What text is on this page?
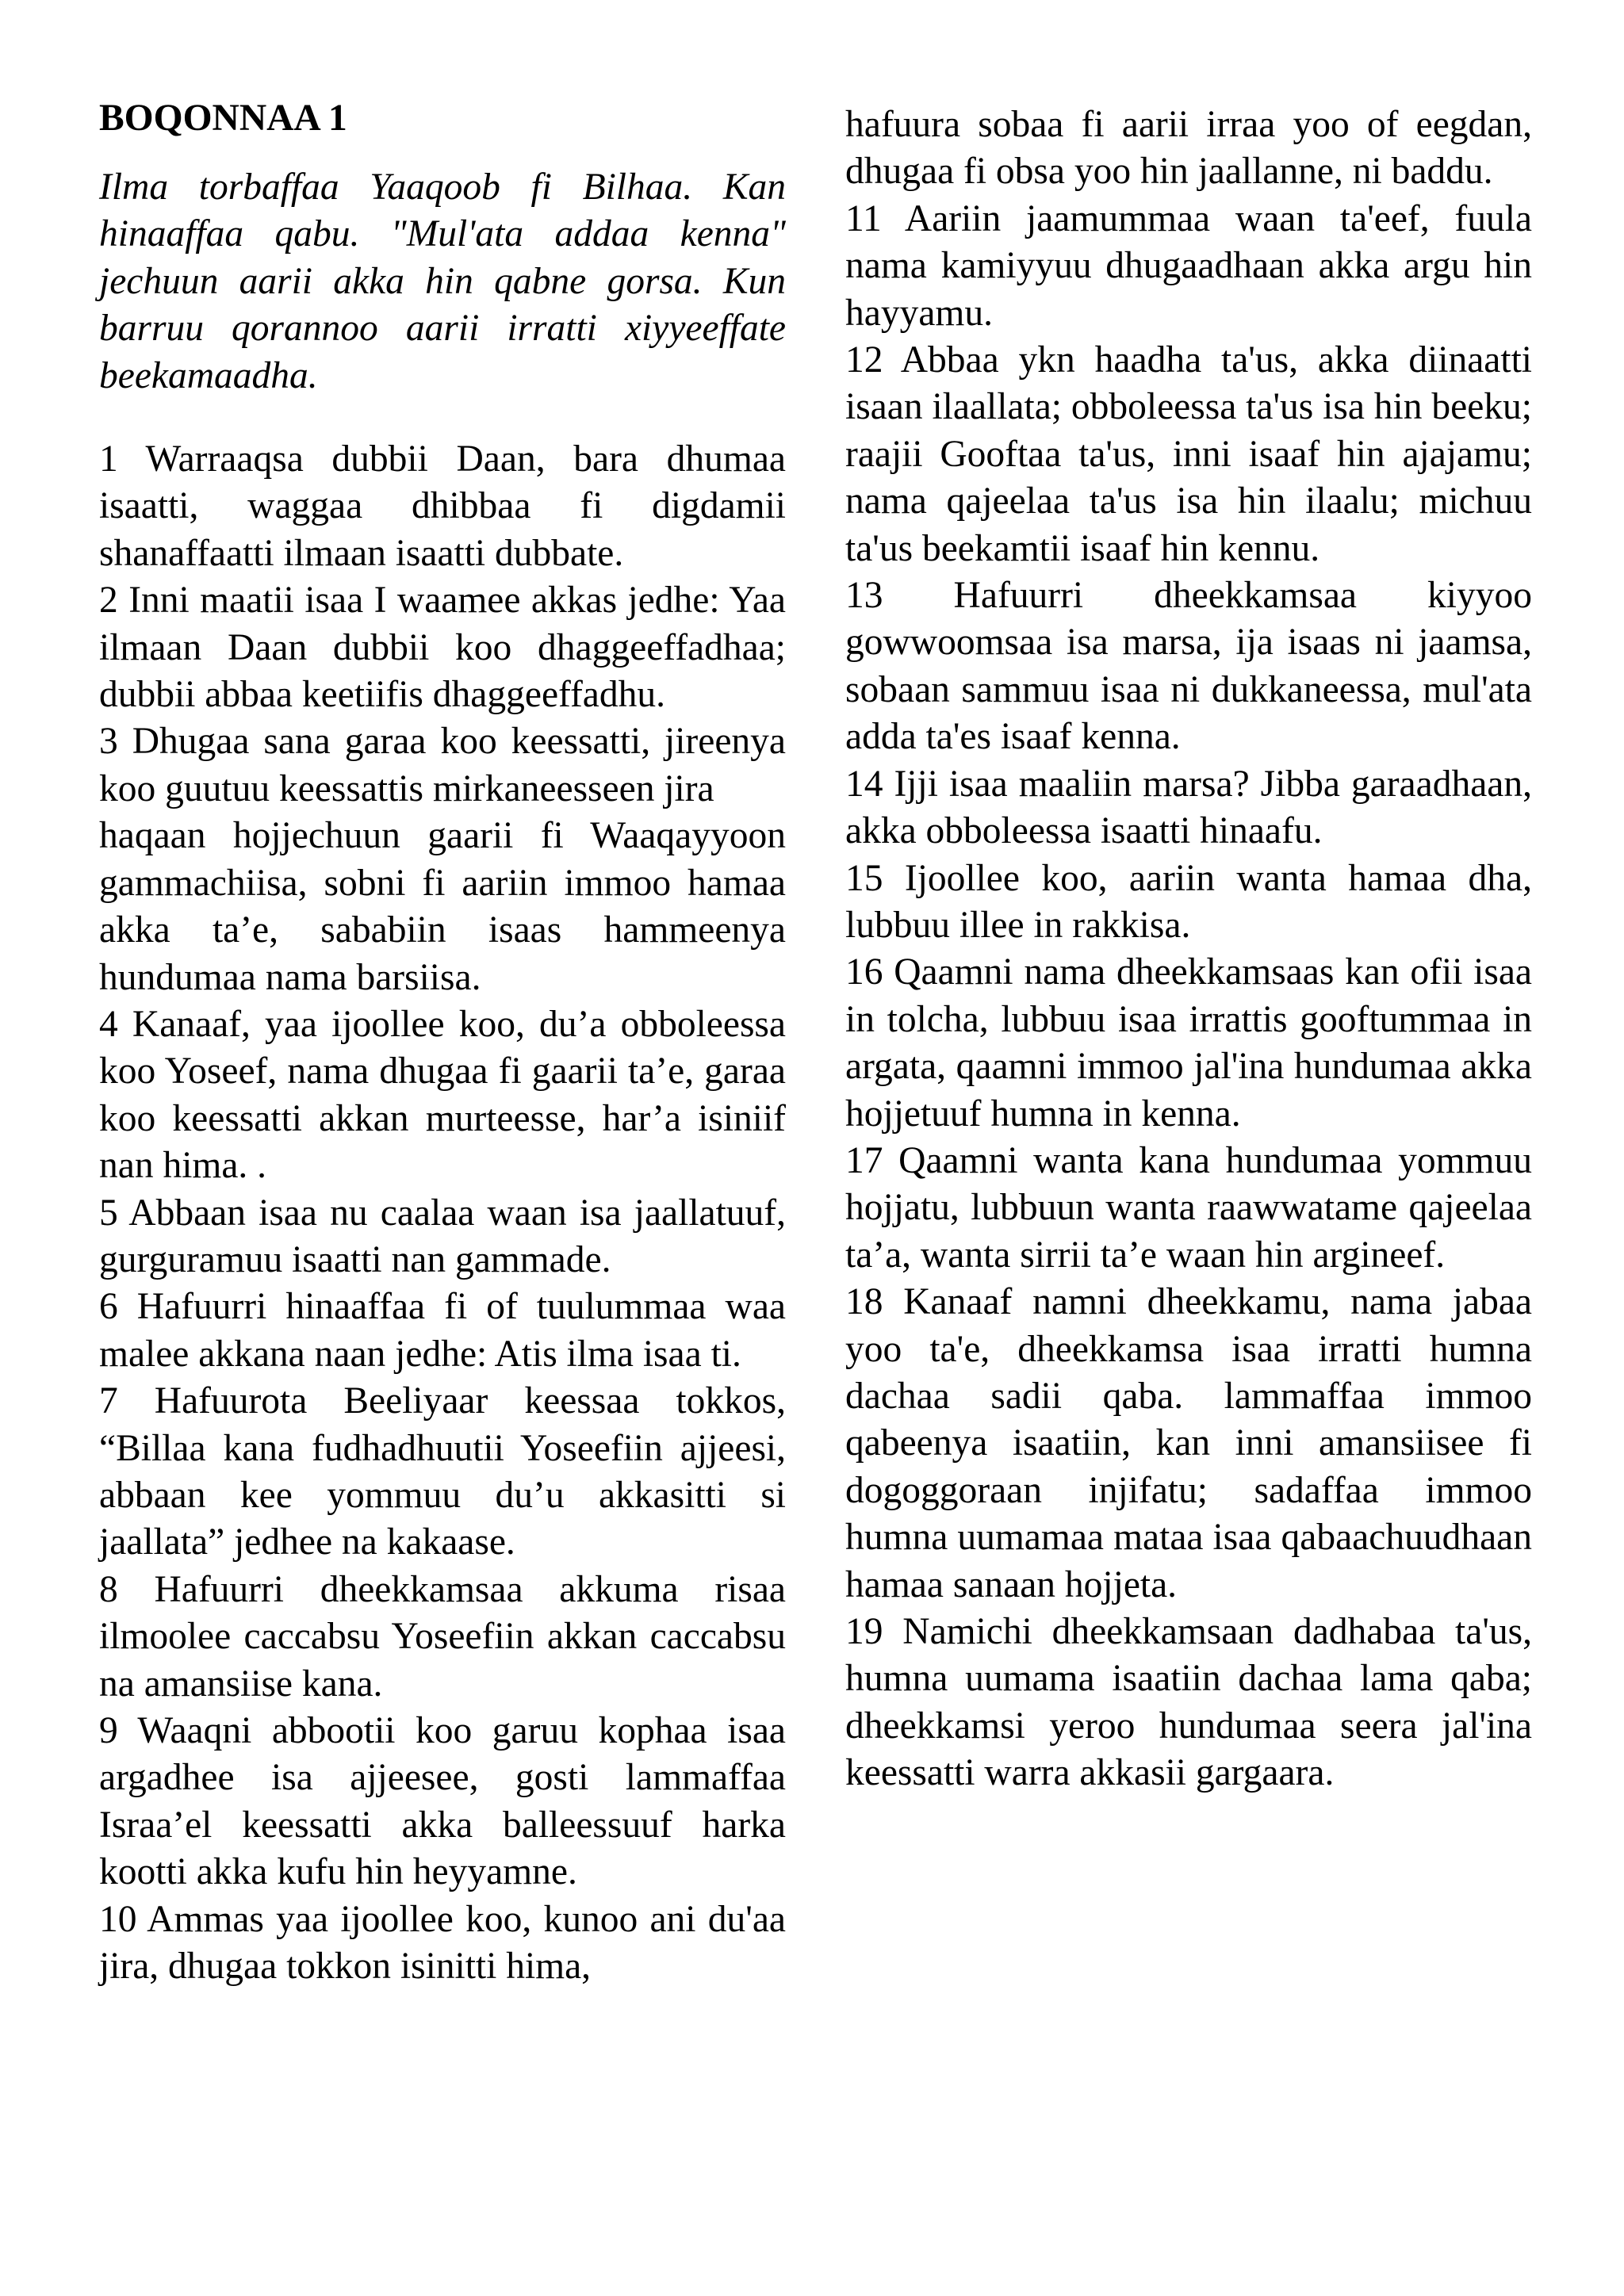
BOQONNAA 1
Ilma torbaffaa Yaaqoob fi Bilhaa. Kan hinaaffaa qabu. "Mul'ata addaa kenna" jechuun aarii akka hin qabne gorsa. Kun barruu qorannoo aarii irratti xiyyeeffate beekamaadha.
1 Warraaqsa dubbii Daan, bara dhumaa isaatti, waggaa dhibbaa fi digdamii shanaffaatti ilmaan isaatti dubbate.
2 Inni maatii isaa I waamee akkas jedhe: Yaa ilmaan Daan dubbii koo dhaggeeffadhaa; dubbii abbaa keetiifis dhaggeeffadhu.
3 Dhugaa sana garaa koo keessatti, jireenya koo guutuu keessattis mirkaneesseen jira
haqaan hojjechuun gaarii fi Waaqayyoon gammachiisa, sobni fi aariin immoo hamaa akka ta’e, sababiin isaas hammeenya hundumaa nama barsiisa.
4 Kanaaf, yaa ijoollee koo, du’a obboleessa koo Yoseef, nama dhugaa fi gaarii ta’e, garaa koo keessatti akkan murteesse, har’a isiniif nan hima. .
5 Abbaan isaa nu caalaa waan isa jaallatuuf, gurguramuu isaatti nan gammade.
6 Hafuurri hinaaffaa fi of tuulummaa waa malee akkana naan jedhe: Atis ilma isaa ti.
7 Hafuurota Beeliyaar keessaa tokkos, “Billaa kana fudhadhuutii Yoseefiin ajjeesi, abbaan kee yommuu du’u akkasitti si jaallata” jedhee na kakaase.
8 Hafuurri dheekkamsaa akkuma risaa ilmoolee caccabsu Yoseefiin akkan caccabsu na amansiise kana.
9 Waaqni abbootii koo garuu kophaa isaa argadhee isa ajjeesee, gosti lammaffaa Israa’el keessatti akka balleessuuf harka kootti akka kufu hin heyyamne.
10 Ammas yaa ijoollee koo, kunoo ani du'aa jira, dhugaa tokkon isinitti hima,
hafuura sobaa fi aarii irraa yoo of eegdan, dhugaa fi obsa yoo hin jaallanne, ni baddu.
11 Aariin jaamummaa waan ta'eef, fuula nama kamiyyuu dhugaadhaan akka argu hin hayyamu.
12 Abbaa ykn haadha ta'us, akka diinaatti isaan ilaallata; obboleessa ta'us isa hin beeku; raajii Gooftaa ta'us, inni isaaf hin ajajamu; nama qajeelaa ta'us isa hin ilaalu; michuu ta'us beekamtii isaaf hin kennu.
13 Hafuurri dheekkamsaa kiyyoo gowwoomsaa isa marsa, ija isaas ni jaamsa, sobaan sammuu isaa ni dukkaneessa, mul'ata adda ta'es isaaf kenna.
14 Ijji isaa maaliin marsa? Jibba garaadhaan, akka obboleessa isaatti hinaafu.
15 Ijoollee koo, aariin wanta hamaa dha, lubbuu illee in rakkisa.
16 Qaamni nama dheekkamsaas kan ofii isaa in tolcha, lubbuu isaa irrattis gooftummaa in argata, qaamni immoo jal'ina hundumaa akka hojjetuuf humna in kenna.
17 Qaamni wanta kana hundumaa yommuu hojjatu, lubbuun wanta raawwatame qajeelaa ta’a, wanta sirrii ta’e waan hin argineef.
18 Kanaaf namni dheekkamu, nama jabaa yoo ta'e, dheekkamsa isaa irratti humna dachaa sadii qaba. lammaffaa immoo qabeenya isaatiin, kan inni amansiisee fi dogoggoraan injifatu; sadaffaa immoo humna uumamaa mataa isaa qabaachuudhaan hamaa sanaan hojjeta.
19 Namichi dheekkamsaan dadhabaa ta'us, humna uumama isaatiin dachaa lama qaba; dheekkamsi yeroo hundumaa seera jal'ina keessatti warra akkasii gargaara.
